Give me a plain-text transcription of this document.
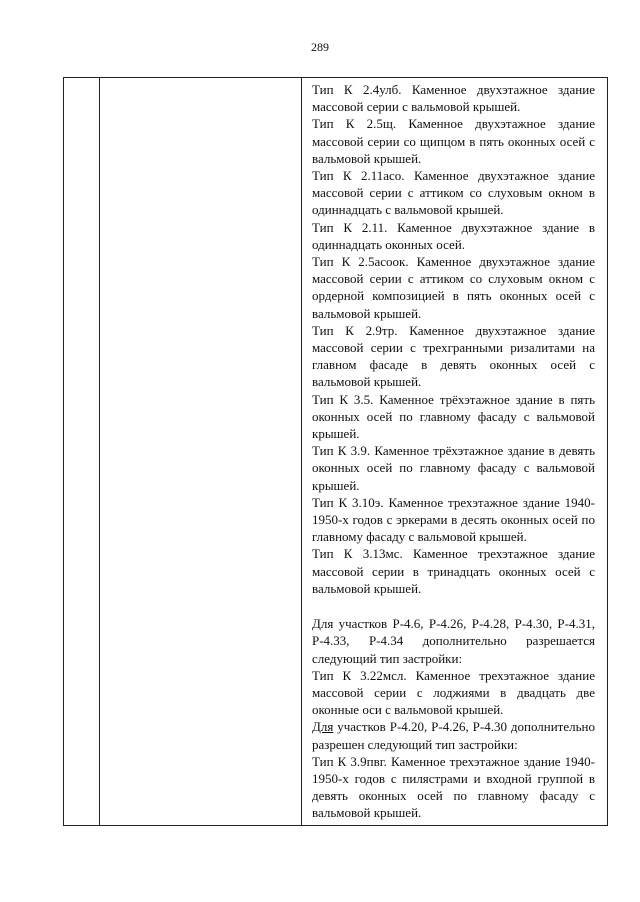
289

Тип К 2.4улб. Каменное двухэтажное здание массовой серии с вальмовой крышей.

Тип К 2.5щ. Каменное двухэтажное здание массовой серии со щипцом в пять оконных осей с вальмовой крышей.

Тип К 2.11асо. Каменное двухэтажное здание массовой серии с аттиком со слуховым окном в одиннадцать с вальмовой крышей.

Тип К 2.11. Каменное двухэтажное здание в одиннадцать оконных осей.

Тип К 2.5асоок. Каменное двухэтажное здание массовой серии с аттиком со слуховым окном с ордерной композицией в пять оконных осей с вальмовой крышей.

Тип К 2.9тр. Каменное двухэтажное здание массовой серии с трехгранными ризалитами на главном фасаде в девять оконных осей с вальмовой крышей.

Тип К 3.5. Каменное трёхэтажное здание в пять оконных осей по главному фасаду с вальмовой крышей.

Тип К 3.9. Каменное трёхэтажное здание в девять оконных осей по главному фасаду с вальмовой крышей.

Тип К 3.10э. Каменное трехэтажное здание 1940-1950-х годов с эркерами в десять оконных осей по главному фасаду с вальмовой крышей.

Тип К 3.13мс. Каменное трехэтажное здание массовой серии в тринадцать оконных осей с вальмовой крышей.

Для участков Р-4.6, Р-4.26, Р-4.28, Р-4.30, Р-4.31, Р-4.33, Р-4.34 дополнительно разрешается следующий тип застройки:

Тип К 3.22мсл. Каменное трехэтажное здание массовой серии с лоджиями в двадцать две оконные оси с вальмовой крышей.

Для участков Р-4.20, Р-4.26, Р-4.30 дополнительно разрешен следующий тип застройки:

Тип К 3.9пвг. Каменное трехэтажное здание 1940-1950-х годов с пилястрами и входной группой в девять оконных осей по главному фасаду с вальмовой крышей.
